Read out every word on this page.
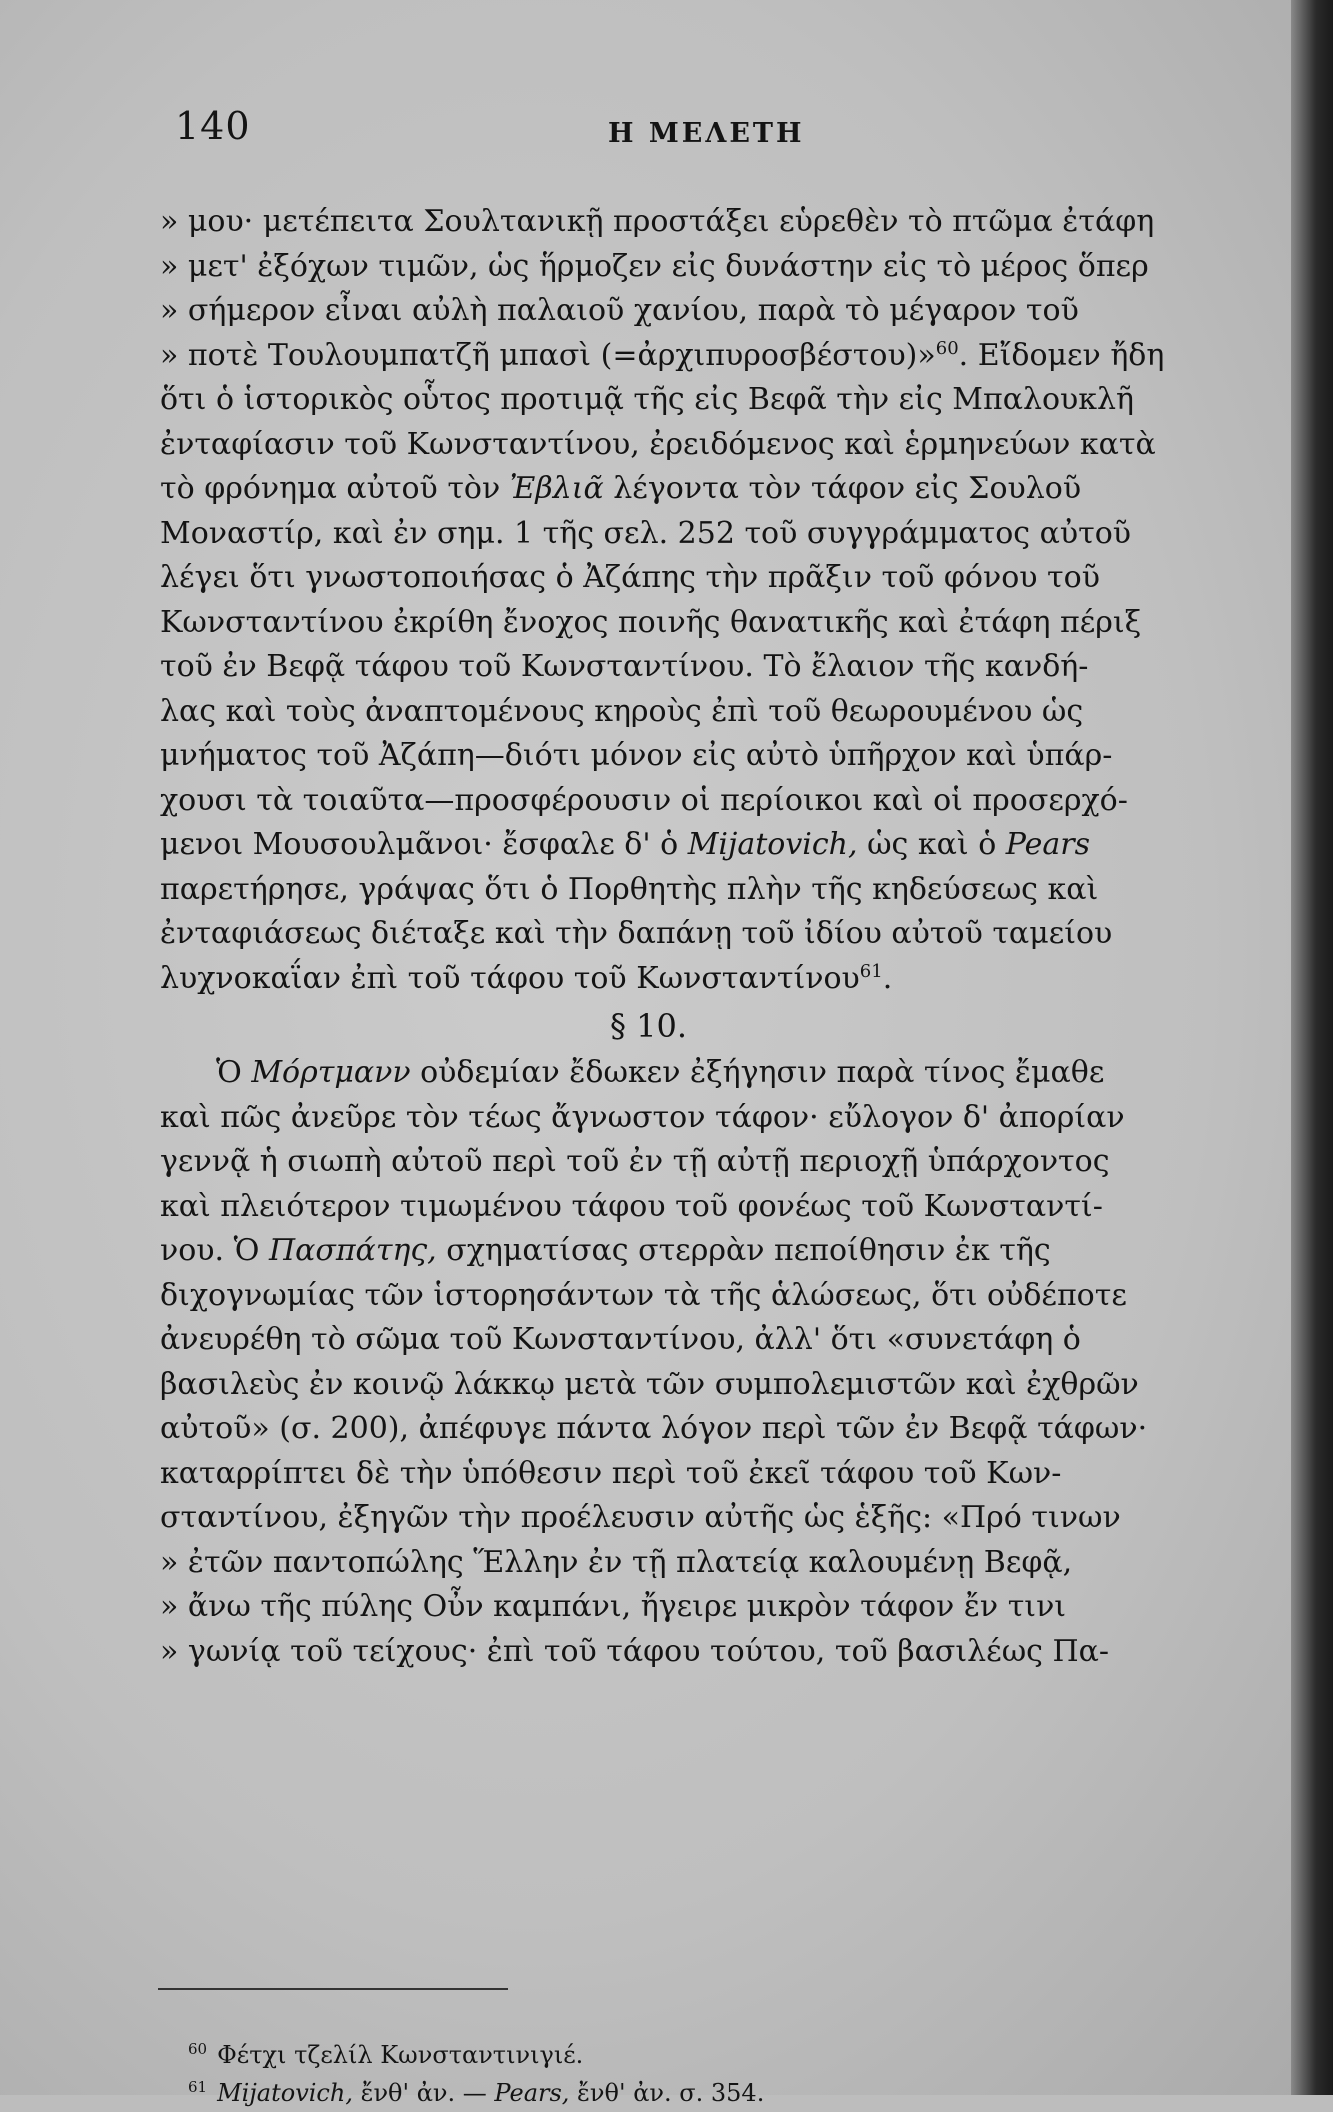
140	Η ΜΕΛΕΤΗ
» μου· μετέπειτα Σουλτανικῇ προστάξει εὑρεθὲν τὸ πτῶμα ἐτάφη
» μετ' ἐξόχων τιμῶν, ὡς ἥρμοζεν εἰς δυνάστην εἰς τὸ μέρος ὅπερ
» σήμερον εἶναι αὐλὴ παλαιοῦ χανίου, παρὰ τὸ μέγαρον τοῦ
» ποτὲ Τουλουμπατζῆ μπασὶ (=ἀρχιπυροσβέστου)»$^{60}$. Εἴδομεν ἤδη
ὅτι ὁ ἱστορικὸς οὗτος προτιμᾷ τῆς εἰς Βεφᾶ τὴν εἰς Μπαλουκλῆ
ἐνταφίασιν τοῦ Κωνσταντίνου, ἐρειδόμενος καὶ ἑρμηνεύων κατὰ
τὸ φρόνημα αὐτοῦ τὸν Ἐβλιᾶ λέγοντα τὸν τάφον εἰς Σουλοῦ
Μοναστίρ, καὶ ἐν σημ. 1 τῆς σελ. 252 τοῦ συγγράμματος αὐτοῦ
λέγει ὅτι γνωστοποιήσας ὁ Ἀζάπης τὴν πρᾶξιν τοῦ φόνου τοῦ
Κωνσταντίνου ἐκρίθη ἔνοχος ποινῆς θανατικῆς καὶ ἐτάφη πέριξ
τοῦ ἐν Βεφᾷ τάφου τοῦ Κωνσταντίνου. Τὸ ἔλαιον τῆς κανδή-
λας καὶ τοὺς ἀναπτομένους κηροὺς ἐπὶ τοῦ θεωρουμένου ὡς
μνήματος τοῦ Ἀζάπη—διότι μόνον εἰς αὐτὸ ὑπῆρχον καὶ ὑπάρ-
χουσι τὰ τοιαῦτα—προσφέρουσιν οἱ περίοικοι καὶ οἱ προσερχό-
μενοι Μουσουλμᾶνοι· ἔσφαλε δ' ὁ Mijatovich, ὡς καὶ ὁ Pears
παρετήρησε, γράψας ὅτι ὁ Πορθητὴς πλὴν τῆς κηδεύσεως καὶ
ἐνταφιάσεως διέταξε καὶ τὴν δαπάνῃ τοῦ ἰδίου αὐτοῦ ταμείου
λυχνοκαΐαν ἐπὶ τοῦ τάφου τοῦ Κωνσταντίνου$^{61}$.
§ 10.
Ὁ Μόρτμανν οὐδεμίαν ἔδωκεν ἐξήγησιν παρὰ τίνος ἔμαθε
καὶ πῶς ἀνεῦρε τὸν τέως ἄγνωστον τάφον· εὔλογον δ' ἀπορίαν
γεννᾷ ἡ σιωπὴ αὐτοῦ περὶ τοῦ ἐν τῇ αὐτῇ περιοχῇ ὑπάρχοντος
καὶ πλειότερον τιμωμένου τάφου τοῦ φονέως τοῦ Κωνσταντί-
νου. Ὁ Πασπάτης, σχηματίσας στερρὰν πεποίθησιν ἐκ τῆς
διχογνωμίας τῶν ἱστορησάντων τὰ τῆς ἁλώσεως, ὅτι οὐδέποτε
ἀνευρέθη τὸ σῶμα τοῦ Κωνσταντίνου, ἀλλ' ὅτι «συνετάφη ὁ
βασιλεὺς ἐν κοινῷ λάκκῳ μετὰ τῶν συμπολεμιστῶν καὶ ἐχθρῶν
αὐτοῦ» (σ. 200), ἀπέφυγε πάντα λόγον περὶ τῶν ἐν Βεφᾷ τάφων·
καταρρίπτει δὲ τὴν ὑπόθεσιν περὶ τοῦ ἐκεῖ τάφου τοῦ Κων-
σταντίνου, ἐξηγῶν τὴν προέλευσιν αὐτῆς ὡς ἑξῆς: «Πρό τινων
» ἐτῶν παντοπώλης Ἕλλην ἐν τῇ πλατείᾳ καλουμένῃ Βεφᾷ,
» ἄνω τῆς πύλης Οὖν καμπάνι, ἤγειρε μικρὸν τάφον ἔν τινι
» γωνίᾳ τοῦ τείχους· ἐπὶ τοῦ τάφου τούτου, τοῦ βασιλέως Πα-
$^{60}$ Φέτχι τζελίλ Κωνσταντινιγιέ.
$^{61}$ Mijatovich, ἔνθ' ἀν. — Pears, ἔνθ' ἀν. σ. 354.
